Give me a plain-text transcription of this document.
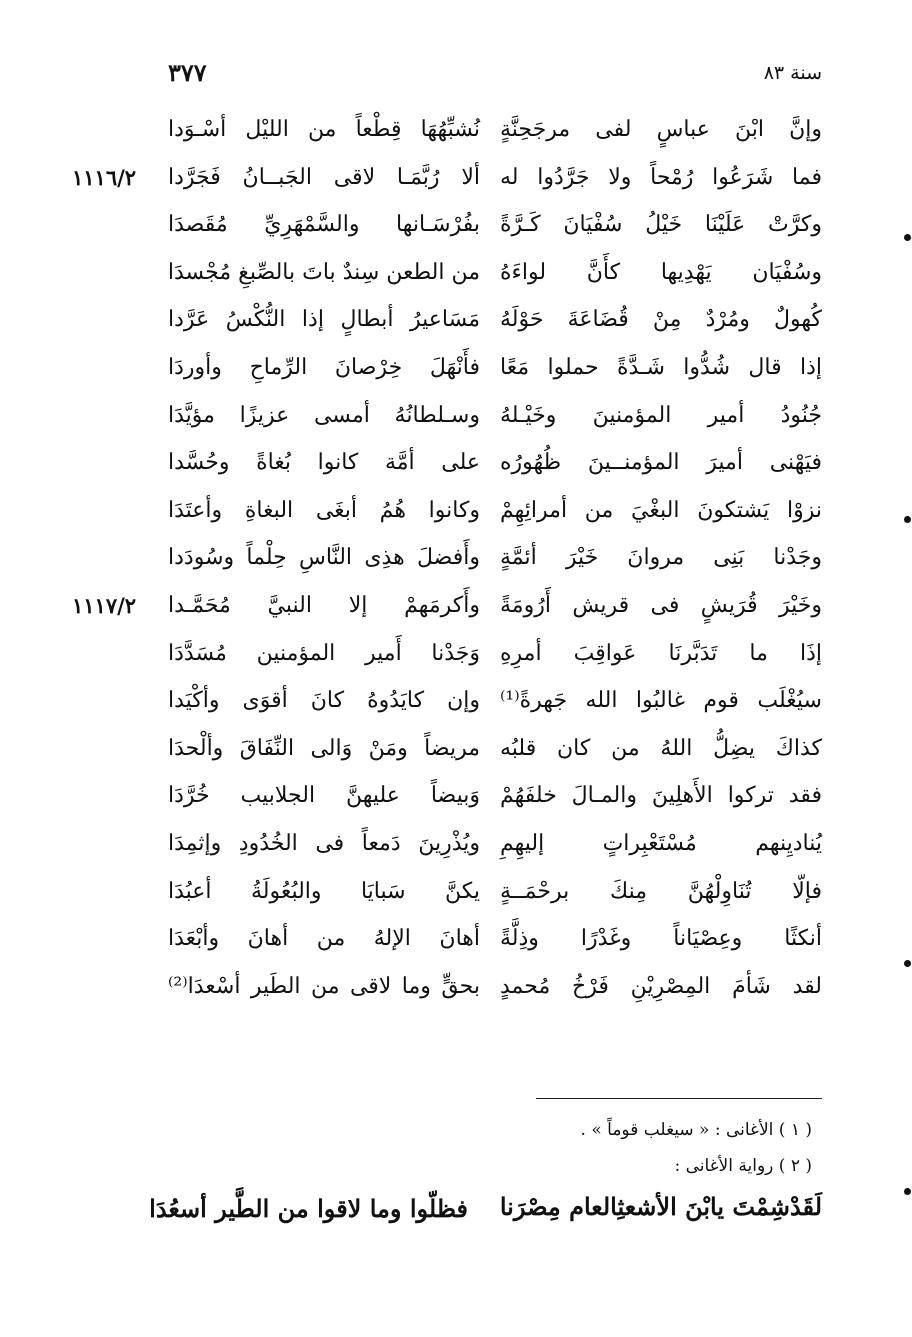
٣٧٧	سنة ٨٣
وإنَّ ابْنَ عباسٍ لفى مرجَحِنَّةٍ
نُشبِّهُهَا قِطْعاً من الليْل أسْـوَدا
فما شَرَعُوا رُمْحاً ولا جَرَّدُوا له
ألا رُبَّمَـا لاقى الجَبــانُ فَجَرَّدا
وكرَّتْ عَلَيْنَا خَيْلُ سُفْيَانَ كَـرَّةً
بفُرْسَـانها والسَّمْهَرِيِّ مُقَصدَا
وسُفْيَان يَهْدِيها كأَنَّ لواءَهُ
من الطعن سِندٌ باتَ بالصِّبغِ مُجْسدَا
كُهولٌ ومُرْدٌ مِنْ قُضَاعَةَ حَوْلَهُ
مَسَاعيرُ أبطالٍ إذا النُّكْسُ عَرَّدا
إذا قال شُدُّوا شَـدَّةً حملوا مَعًا
فأَنْهَلَ خِرْصانَ الرِّماحِ وأوردَا
جُنُودُ أمير المؤمنينَ وخَيْـلهُ
وسـلطانُهُ أمسى عزيزًا مؤيَّدَا
فيَهْنى أميرَ المؤمنــينَ ظُهُورُه
على أمَّة كانوا بُغاةً وحُسَّدا
نزوْا يَشتكونَ البغْيَ من أمرائِهِمْ
وكانوا هُمُ أبغَى البغاةِ وأعتَدَا
وجَدْنا بَنِى مروانَ خَيْرَ أئمَّةٍ
وأَفضلَ هذِى النَّاسِ حِلْماً وسُودَدا
وخَيْرَ قُرَيشٍ فى قريش أَرُومَةً
وأَكرمَهمْ إلا النبيَّ مُحَمَّـدا
إذَا ما تَدَبَّرنَا عَواقِبَ أمرِهِ
وَجَدْنا أَمير المؤمنين مُسَدَّدَا
سيُغْلَب قوم غالبُوا الله جَهرةً⁽¹⁾
وإن كايَدُوهُ كانَ أقوَى وأكْيَدا
كذاكَ يضِلُّ اللهُ من كان قلبُه
مريضاً ومَنْ وَالى النِّفَاقَ وألْحدَا
فقد تركوا الأَهلِينَ والمـالَ خلفَهُمْ
وَبيضاً عليهنَّ الجلابيب خُرَّدَا
يُناديِنهم مُسْتَعْبِراتٍ إليهِمِ
ويُذْرِينَ دَمعاً فى الخُدُودِ وإثمِدَا
فإلّا تُنَاوِلْهُنَّ مِنكَ برحْمَــةٍ
يكنَّ سَبايَا والبُعُولَةُ أعبُدَا
أنكثًا وعِصْيَاناً وغَدْرًا وذِلَّةً
أهانَ الإلهُ من أهانَ وأبْعَدَا
لقد شَأمَ المِصْرِيْنِ فَرْخُ مُحمدٍ
بحقٍّ وما لاقى من الطَير أسْعدَا⁽²⁾
١١١٦/٢
١١١٧/٢
( ١ ) الأغانى : « سيغلب قوماً » .
( ٢ ) رواية الأغانى :
لَقَدْشِمْتَ يابْنَ الأشعثِالعام مِصْرَنا
فظلّوا وما لاقوا من الطَّير أسعُدَا
